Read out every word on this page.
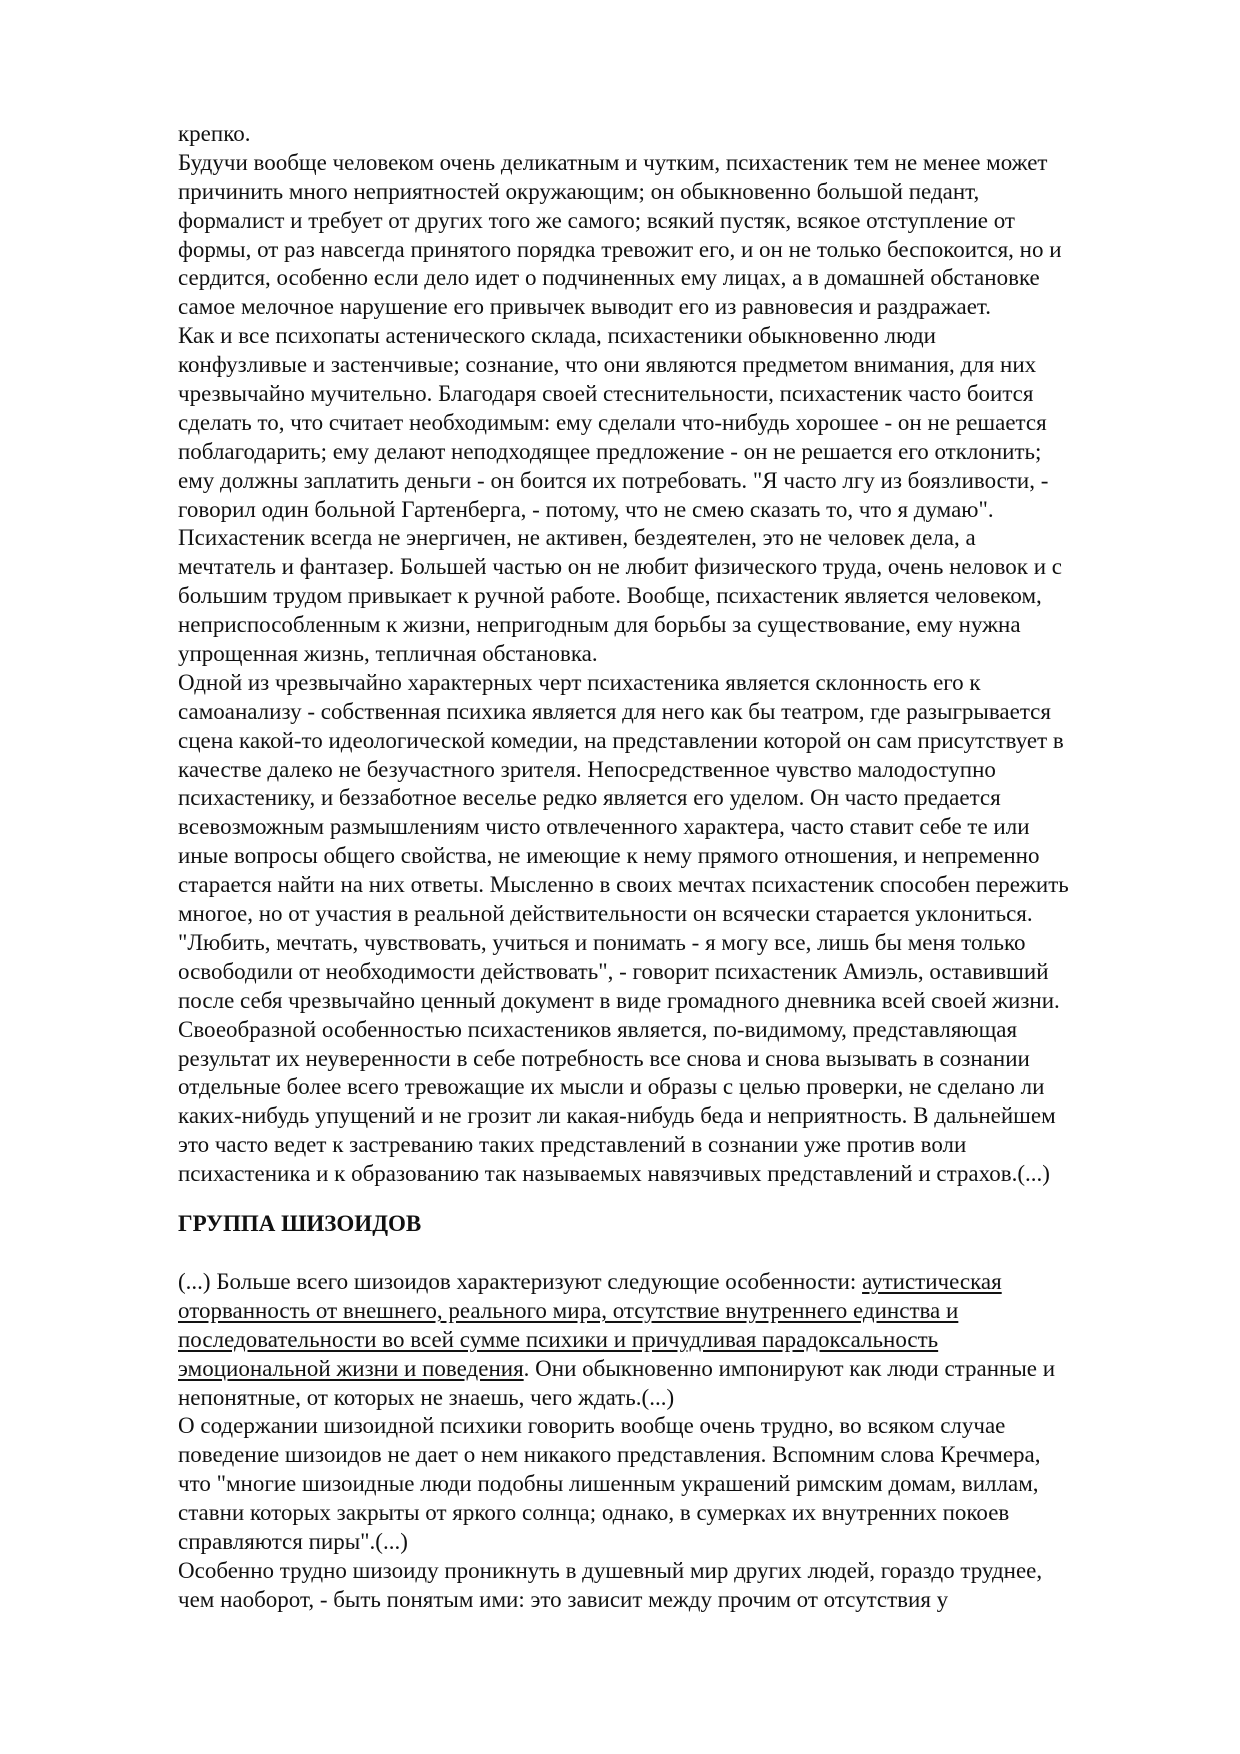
крепко.
Будучи вообще человеком очень деликатным и чутким, психастеник тем не менее может
причинить много неприятностей окружающим; он обыкновенно большой педант,
формалист и требует от других того же самого; всякий пустяк, всякое отступление от
формы, от раз навсегда принятого порядка тревожит его, и он не только беспокоится, но и
сердится, особенно если дело идет о подчиненных ему лицах, а в домашней обстановке
самое мелочное нарушение его привычек выводит его из равновесия и раздражает.
Как и все психопаты астенического склада, психастеники обыкновенно люди
конфузливые и застенчивые; сознание, что они являются предметом внимания, для них
чрезвычайно мучительно. Благодаря своей стеснительности, психастеник часто боится
сделать то, что считает необходимым: ему сделали что-нибудь хорошее - он не решается
поблагодарить; ему делают неподходящее предложение - он не решается его отклонить;
ему должны заплатить деньги - он боится их потребовать. "Я часто лгу из боязливости, -
говорил один больной Гартенберга, - потому, что не смею сказать то, что я думаю".
Психастеник всегда не энергичен, не активен, бездеятелен, это не человек дела, а
мечтатель и фантазер. Большей частью он не любит физического труда, очень неловок и с
большим трудом привыкает к ручной работе. Вообще, психастеник является человеком,
неприспособленным к жизни, непригодным для борьбы за существование, ему нужна
упрощенная жизнь, тепличная обстановка.
Одной из чрезвычайно характерных черт психастеника является склонность его к
самоанализу - собственная психика является для него как бы театром, где разыгрывается
сцена какой-то идеологической комедии, на представлении которой он сам присутствует в
качестве далеко не безучастного зрителя. Непосредственное чувство малодоступно
психастенику, и беззаботное веселье редко является его уделом. Он часто предается
всевозможным размышлениям чисто отвлеченного характера, часто ставит себе те или
иные вопросы общего свойства, не имеющие к нему прямого отношения, и непременно
старается найти на них ответы. Мысленно в своих мечтах психастеник способен пережить
многое, но от участия в реальной действительности он всячески старается уклониться.
"Любить, мечтать, чувствовать, учиться и понимать - я могу все, лишь бы меня только
освободили от необходимости действовать", - говорит психастеник Амиэль, оставивший
после себя чрезвычайно ценный документ в виде громадного дневника всей своей жизни.
Своеобразной особенностью психастеников является, по-видимому, представляющая
результат их неуверенности в себе потребность все снова и снова вызывать в сознании
отдельные более всего тревожащие их мысли и образы с целью проверки, не сделано ли
каких-нибудь упущений и не грозит ли какая-нибудь беда и неприятность. В дальнейшем
это часто ведет к застреванию таких представлений в сознании уже против воли
психастеника и к образованию так называемых навязчивых представлений и страхов.(...)
ГРУППА ШИЗОИДОВ
(...) Больше всего шизоидов характеризуют следующие особенности: аутистическая
оторванность от внешнего, реального мира, отсутствие внутреннего единства и
последовательности во всей сумме психики и причудливая парадоксальность
эмоциональной жизни и поведения. Они обыкновенно импонируют как люди странные и
непонятные, от которых не знаешь, чего ждать.(...)
О содержании шизоидной психики говорить вообще очень трудно, во всяком случае
поведение шизоидов не дает о нем никакого представления. Вспомним слова Кречмера,
что "многие шизоидные люди подобны лишенным украшений римским домам, виллам,
ставни которых закрыты от яркого солнца; однако, в сумерках их внутренних покоев
справляются пиры".(...)
Особенно трудно шизоиду проникнуть в душевный мир других людей, гораздо труднее,
чем наоборот, - быть понятым ими: это зависит между прочим от отсутствия у
